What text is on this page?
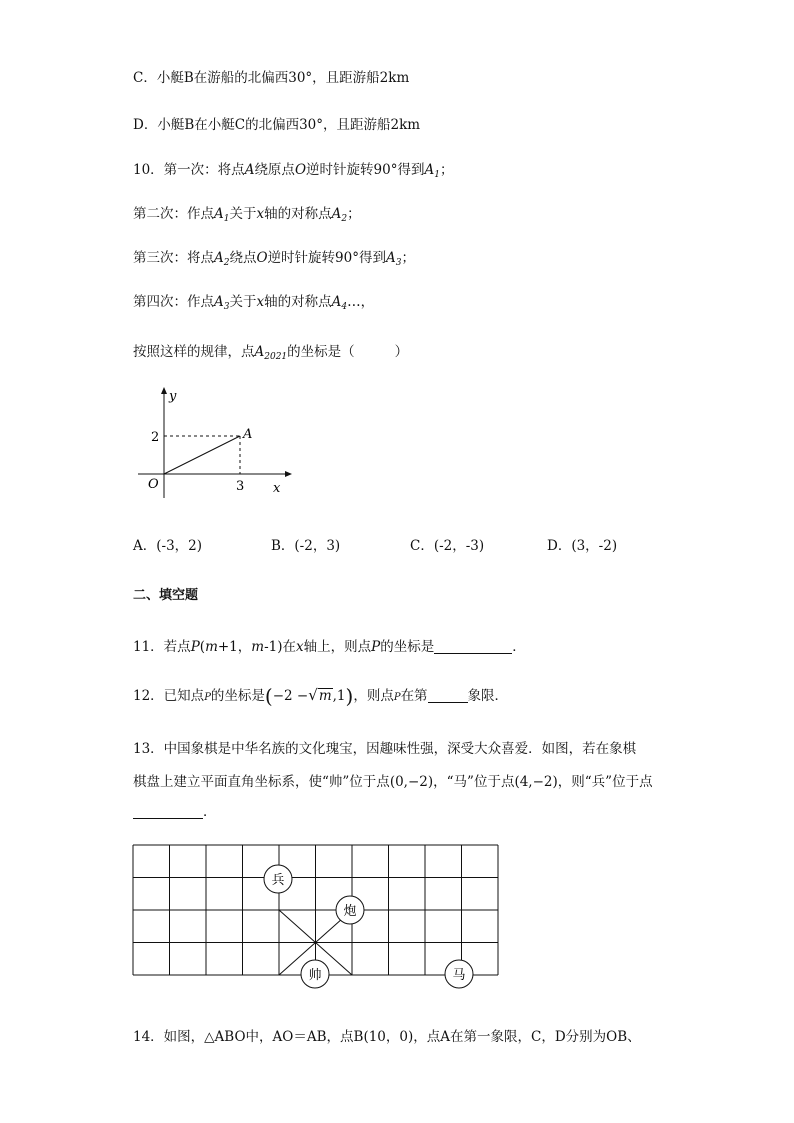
C．小艇B在游船的北偏西30°，且距游船2km
D．小艇B在小艇C的北偏西30°，且距游船2km
10．第一次：将点A绕原点O逆时针旋转90°得到$A_1$；
第二次：作点$A_1$关于x轴的对称点$A_2$；
第三次：将点$A_2$绕点O逆时针旋转90°得到$A_3$；
第四次：作点$A_3$关于x轴的对称点$A_4\dots$，
按照这样的规律，点$A_{2021}$的坐标是（	）
y
x
O
A
2
3
A．(-3，2)	B．(-2，3)	C．(-2，-3)	D．(3，-2)
二、填空题
11．若点P(m+1，m-1)在x轴上，则点P的坐标是	．
12．已知点P的坐标是(−2 −√m,1)，则点P在第	象限．
13．中国象棋是中华名族的文化瑰宝，因趣味性强，深受大众喜爱．如图，若在象棋
棋盘上建立平面直角坐标系，使“帅”位于点(0,−2)，“马”位于点(4,−2)，则“兵”位于点
．
兵
炮
帅	马
14．如图，△ABO中，AO＝AB，点B(10，0)，点A在第一象限，C，D分别为OB、
